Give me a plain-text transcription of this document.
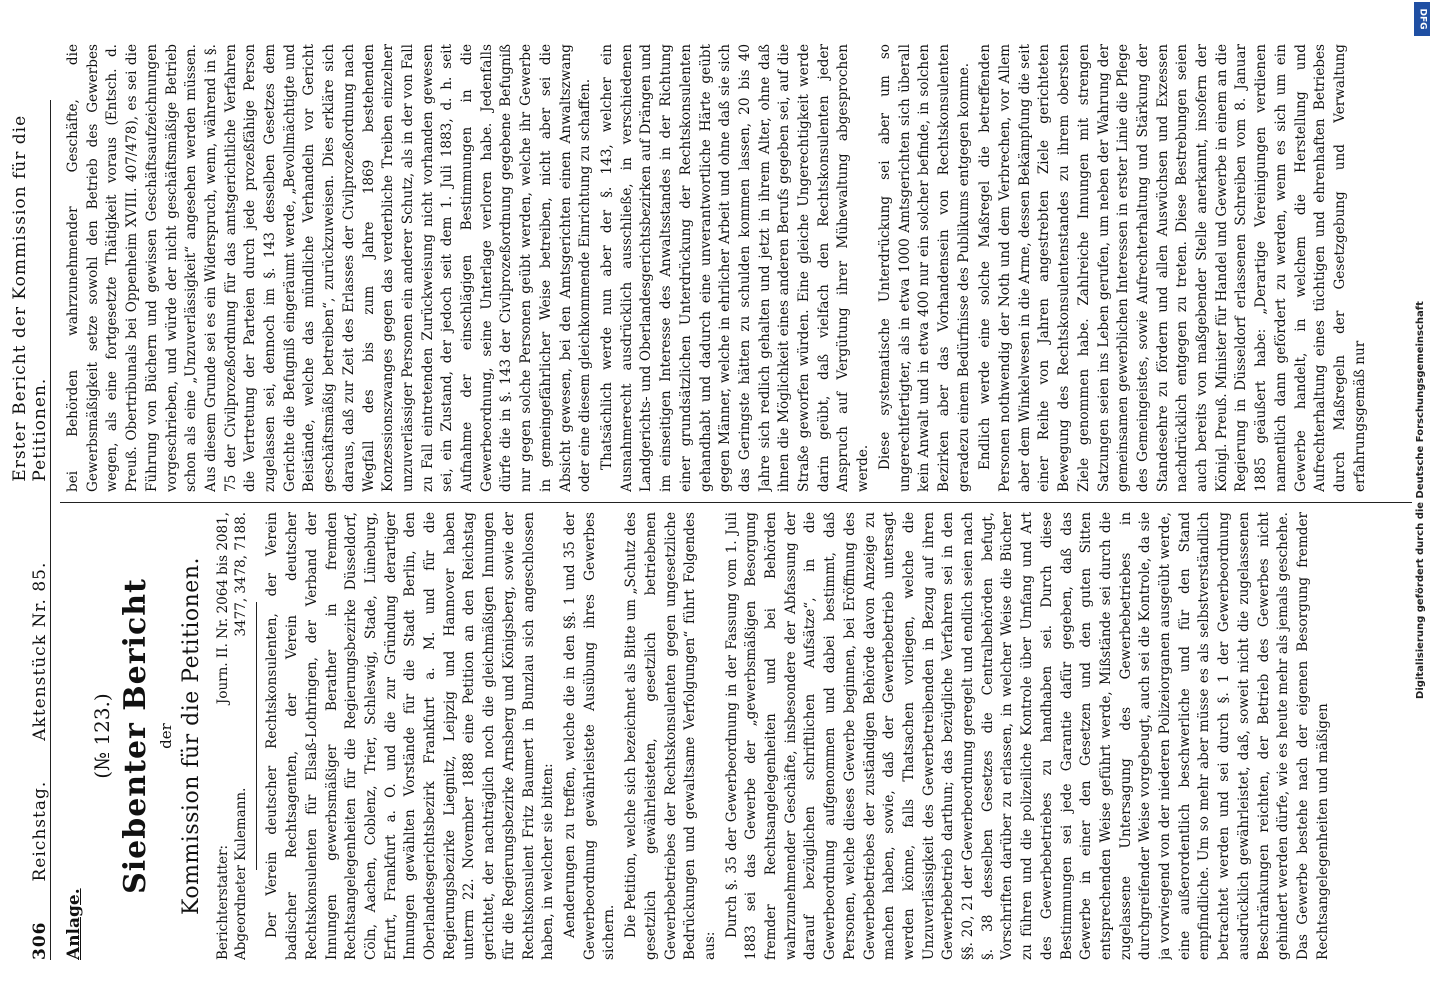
306
Reichstag.
Aktenstück Nr. 85.
Erster Bericht der Kommission für die Petitionen.
Anlage.
(№ 123.) Siebenter Bericht der Kommission für die Petitionen. Berichterstatter: Abgeordneter Kulemann.
Journ. II. Nr. 2064 bis 2081, 3477, 3478, 7188. Der Verein deutscher Rechtskonsulenten, der Verein badischer Rechtsagenten, der Verein deutscher Rechtskonsulenten für Elsaß-Lothringen, der Verband der Innungen gewerbsmäßiger Berather in fremden Rechtsangelegenheiten für die Regierungsbezirke Düsseldorf, Cöln, Aachen, Coblenz, Trier, Schleswig, Stade, Lüneburg, Erfurt, Frankfurt a. O. und die zur Gründung derartiger Innungen gewählten Vorstände für die Stadt Berlin, den Oberlandesgerichtsbezirk Frankfurt a. M. und für die Regierungsbezirke Liegnitz, Leipzig und Hannover haben unterm 22. November 1888 eine Petition an den Reichstag gerichtet, der nachträglich noch die gleichmäßigen Innungen für die Regierungsbezirke Arnsberg und Königsberg, sowie der Rechtskonsulent Fritz Baumert in Bunzlau sich angeschlossen haben, in welcher sie bitten: Aenderungen zu treffen, welche die in den §§. 1 und 35 der Gewerbeordnung gewährleistete Ausübung ihres Gewerbes sichern. Die Petition, welche sich bezeichnet als Bitte um „Schutz des gesetzlich gewährleisteten, gesetzlich betriebenen Gewerbebetriebes der Rechtskonsulenten gegen ungesetzliche Bedrückungen und gewaltsame Verfolgungen“ führt Folgendes aus:

Durch §. 35 der Gewerbeordnung in der Fassung vom 1. Juli 1883 sei das Gewerbe der „gewerbsmäßigen Besorgung fremder Rechtsangelegenheiten und bei Behörden wahrzunehmender Geschäfte, insbesondere der Abfassung der darauf bezüglichen schriftlichen Aufsätze“, in die Gewerbeordnung aufgenommen und dabei bestimmt, daß Personen, welche dieses Gewerbe beginnen, bei Eröffnung des Gewerbebetriebes der zuständigen Behörde davon Anzeige zu machen haben, sowie, daß der Gewerbebetrieb untersagt werden könne, falls Thatsachen vorliegen, welche die Unzuverlässigkeit des Gewerbetreibenden in Bezug auf ihren Gewerbebetrieb darthun; das bezügliche Verfahren sei in den §§. 20, 21 der Gewerbeordnung geregelt und endlich seien nach §. 38 desselben Gesetzes die Centralbehörden befugt, Vorschriften darüber zu erlassen, in welcher Weise die Bücher zu führen und die polizeiliche Kontrole über Umfang und Art des Gewerbebetriebes zu handhaben sei. Durch diese Bestimmungen sei jede Garantie dafür gegeben, daß das Gewerbe in einer den Gesetzen und den guten Sitten entsprechenden Weise geführt werde, Mißstände sei durch die zugelassene Untersagung des Gewerbebetriebes in durchgreifender Weise vorgebeugt, auch sei die Kontrole, da sie ja vorwiegend von der niederen Polizeiorganen ausgeübt werde, eine außerordentlich beschwerliche und für den Stand empfindliche. Um so mehr aber müsse es als selbstverständlich betrachtet werden und sei durch §. 1 der Gewerbeordnung ausdrücklich gewährleistet, daß, soweit nicht die zugelassenen Beschränkungen reichten, der Betrieb des Gewerbes nicht gehindert werden dürfe, wie es heute mehr als jemals geschehe. Das Gewerbe bestehe nach der eigenen Besorgung fremder Rechtsangelegenheiten und mäßigen

bei Behörden wahrzunehmender Geschäfte, die Gewerbsmäßigkeit setze sowohl den Betrieb des Gewerbes wegen, als eine fortgesetzte Thätigkeit voraus (Entsch. d. Preuß. Obertribunals bei Oppenheim XVIII. 407/478), es sei die Führung von Büchern und gewissen Geschäftsaufzeichnungen vorgeschrieben, und würde der nicht geschäftsmäßige Betrieb schon als eine „Unzuverlässigkeit“ angesehen werden müssen. Aus diesem Grunde sei es ein Widerspruch, wenn, während in §. 75 der Civilprozeßordnung für das amtsgerichtliche Verfahren die Vertretung der Parteien durch jede prozeßfähige Person zugelassen sei, dennoch im §. 143 desselben Gesetzes dem Gerichte die Befugniß eingeräumt werde, „Bevollmächtigte und Beistände, welche das mündliche Verhandeln vor Gericht geschäftsmäßig betreiben“, zurückzuweisen. Dies erkläre sich daraus, daß zur Zeit des Erlasses der Civilprozeßordnung nach Wegfall des bis zum Jahre 1869 bestehenden Konzessionszwanges gegen das verderbliche Treiben einzelner unzuverlässiger Personen ein anderer Schutz, als in der von Fall zu Fall eintretenden Zurückweisung nicht vorhanden gewesen sei, ein Zustand, der jedoch seit dem 1. Juli 1883, d. h. seit Aufnahme der einschlägigen Bestimmungen in die Gewerbeordnung, seine Unterlage verloren habe. Jedenfalls dürfe die in §. 143 der Civilprozeßordnung gegebene Befugniß nur gegen solche Personen geübt werden, welche ihr Gewerbe in gemeingefährlicher Weise betreiben, nicht aber sei die Absicht gewesen, bei den Amtsgerichten einen Anwaltszwang oder eine diesem gleichkommende Einrichtung zu schaffen. Thatsächlich werde nun aber der §. 143, welcher ein Ausnahmerecht ausdrücklich ausschließe, in verschiedenen Landgerichts- und Oberlandesgerichtsbezirken auf Drängen und im einseitigen Interesse des Anwaltsstandes in der Richtung einer grundsätzlichen Unterdrückung der Rechtskonsulenten gehandhabt und dadurch eine unverantwortliche Härte geübt gegen Männer, welche in ehrlicher Arbeit und ohne daß sie sich das Geringste hätten zu schulden kommen lassen, 20 bis 40 Jahre sich redlich gehalten und jetzt in ihrem Alter, ohne daß ihnen die Möglichkeit eines anderen Berufs gegeben sei, auf die Straße geworfen würden. Eine gleiche Ungerechtigkeit werde darin geübt, daß vielfach den Rechtskonsulenten jeder Anspruch auf Vergütung ihrer Mühewaltung abgesprochen werde. Diese systematische Unterdrückung sei aber um so ungerechtfertigter, als in etwa 1000 Amtsgerichten sich überall kein Anwalt und in etwa 400 nur ein solcher befinde, in solchen Bezirken aber das Vorhandensein von Rechtskonsulenten geradezu einem Bedürfnisse des Publikums entgegen komme. Endlich werde eine solche Maßregel die betreffenden Personen nothwendig der Noth und dem Verbrechen, vor Allem aber dem Winkelwesen in die Arme, dessen Bekämpfung die seit einer Reihe von Jahren angestrebten Ziele gerichteten Bewegung des Rechtskonsulentenstandes zu ihrem obersten Ziele genommen habe. Zahlreiche Innungen mit strengen Satzungen seien ins Leben gerufen, um neben der Wahrung der gemeinsamen gewerblichen Interessen in erster Linie die Pflege des Gemeingeistes, sowie Aufrechterhaltung und Stärkung der Standesehre zu fördern und allen Auswüchsen und Exzessen nachdrücklich entgegen zu treten. Diese Bestrebungen seien auch bereits von maßgebender Stelle anerkannt, insofern der Königl. Preuß. Minister für Handel und Gewerbe in einem an die Regierung in Düsseldorf erlassenen Schreiben vom 8. Januar 1885 geäußert habe: „Derartige Vereinigungen verdienen namentlich dann gefördert zu werden, wenn es sich um ein Gewerbe handelt, in welchem die Herstellung und Aufrechterhaltung eines tüchtigen und ehrenhaften Betriebes durch Maßregeln der Gesetzgebung und Verwaltung erfahrungsgemäß nur

DFG
Digitalisierung gefördert durch die Deutsche Forschungsgemeinschaft
